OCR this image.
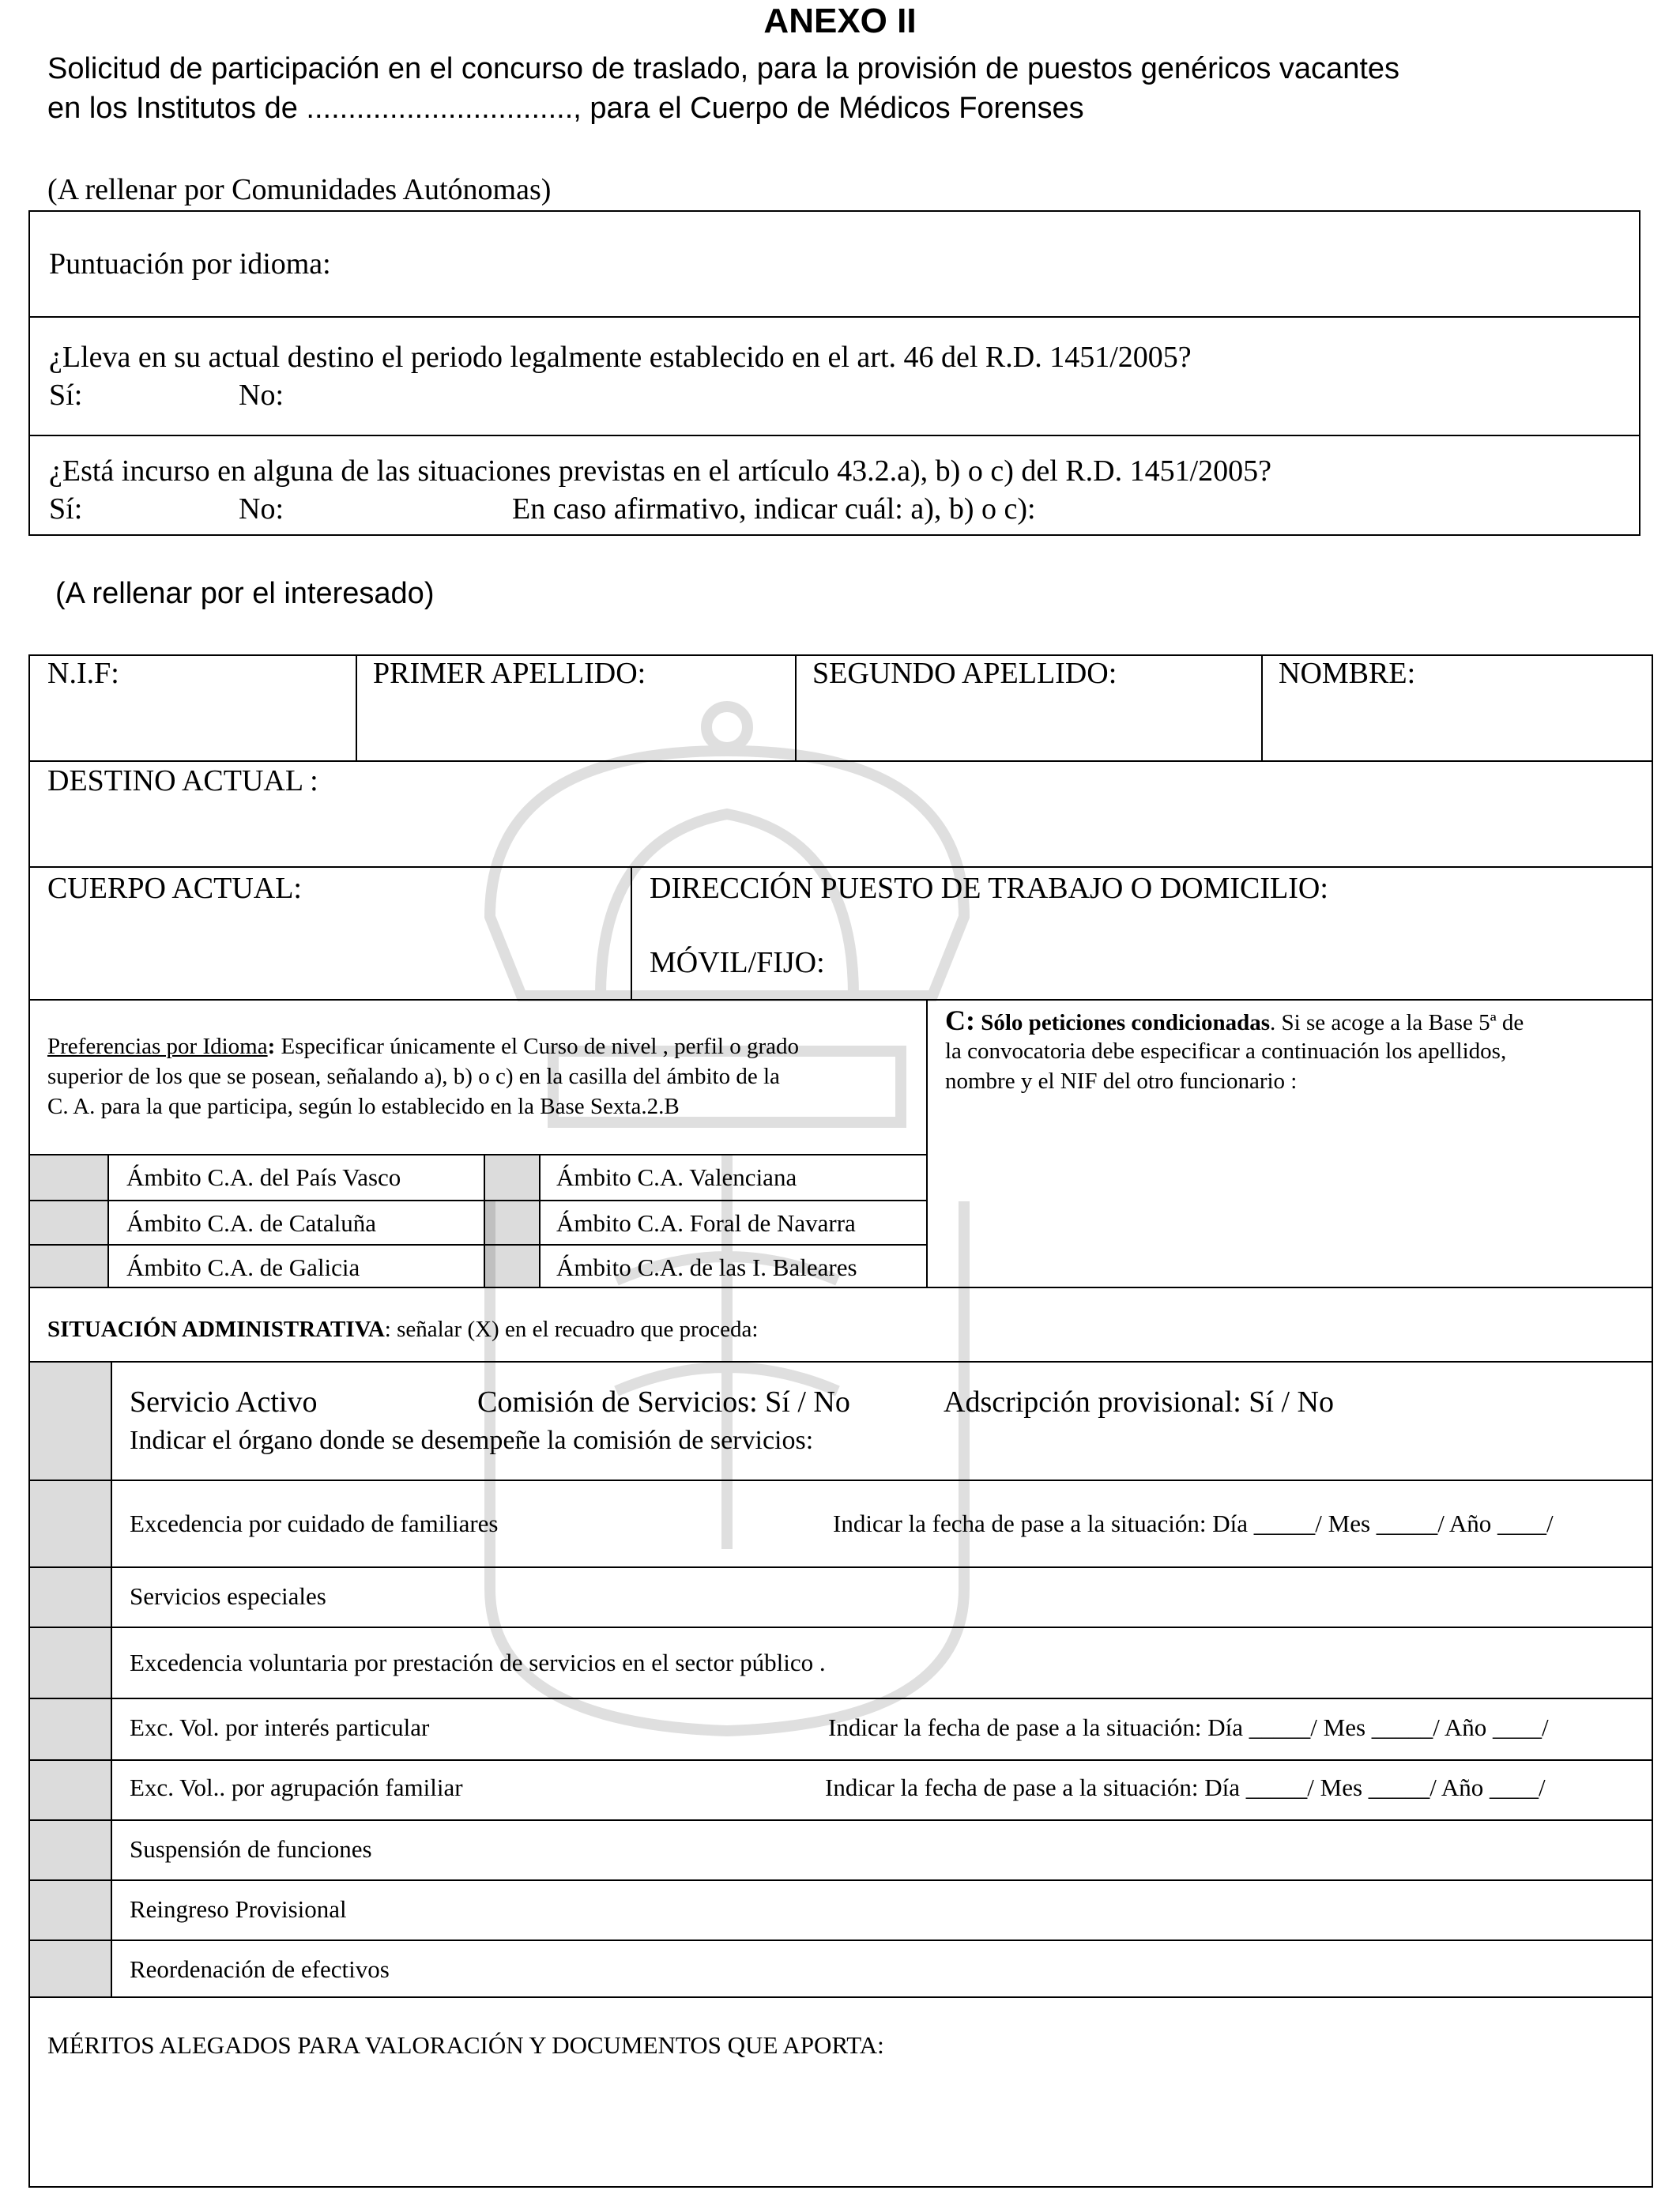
ANEXO II
Solicitud de participación en el concurso de traslado, para la provisión de puestos genéricos vacantes
en los Institutos de ................................, para el Cuerpo de Médicos Forenses
(A rellenar por Comunidades Autónomas)
Puntuación por idioma:
¿Lleva en su actual destino el periodo legalmente establecido en el art. 46 del R.D. 1451/2005?
Sí:	No:
¿Está incurso en alguna de las situaciones previstas en el artículo 43.2.a), b) o c) del R.D. 1451/2005?
Sí:	No:	En caso afirmativo, indicar cuál: a), b) o c):
(A rellenar por el interesado)
N.I.F:	PRIMER APELLIDO:	SEGUNDO APELLIDO:	NOMBRE:
DESTINO ACTUAL :
CUERPO ACTUAL:	DIRECCIÓN PUESTO DE TRABAJO O DOMICILIO:
MÓVIL/FIJO:
Preferencias por Idioma: Especificar únicamente el Curso de nivel , perfil o grado
superior de los que se posean, señalando a), b) o c) en la casilla del ámbito de la
C. A. para la que participa, según lo establecido en la Base Sexta.2.B
C: Sólo peticiones condicionadas. Si se acoge a la Base 5ª de
la convocatoria debe especificar a continuación los apellidos,
nombre y el NIF del otro funcionario :
Ámbito C.A. del País Vasco
Ámbito C.A. de Cataluña
Ámbito C.A. de Galicia
Ámbito C.A. Valenciana
Ámbito C.A. Foral de Navarra
Ámbito C.A. de las I. Baleares
SITUACIÓN ADMINISTRATIVA: señalar (X) en el recuadro que proceda:
Servicio Activo	Comisión de Servicios: Sí / No	Adscripción provisional: Sí / No
Indicar el órgano donde se desempeñe la comisión de servicios:
Excedencia por cuidado de familiares	Indicar la fecha de pase a la situación: Día _____/ Mes _____/ Año ____/
Servicios especiales
Excedencia voluntaria por prestación de servicios en el sector público .
Exc. Vol. por interés particular	Indicar la fecha de pase a la situación: Día _____/ Mes _____/ Año ____/
Exc. Vol.. por agrupación familiar	Indicar la fecha de pase a la situación: Día _____/ Mes _____/ Año ____/
Suspensión de funciones
Reingreso Provisional
Reordenación de efectivos
MÉRITOS ALEGADOS PARA VALORACIÓN Y DOCUMENTOS QUE APORTA:
